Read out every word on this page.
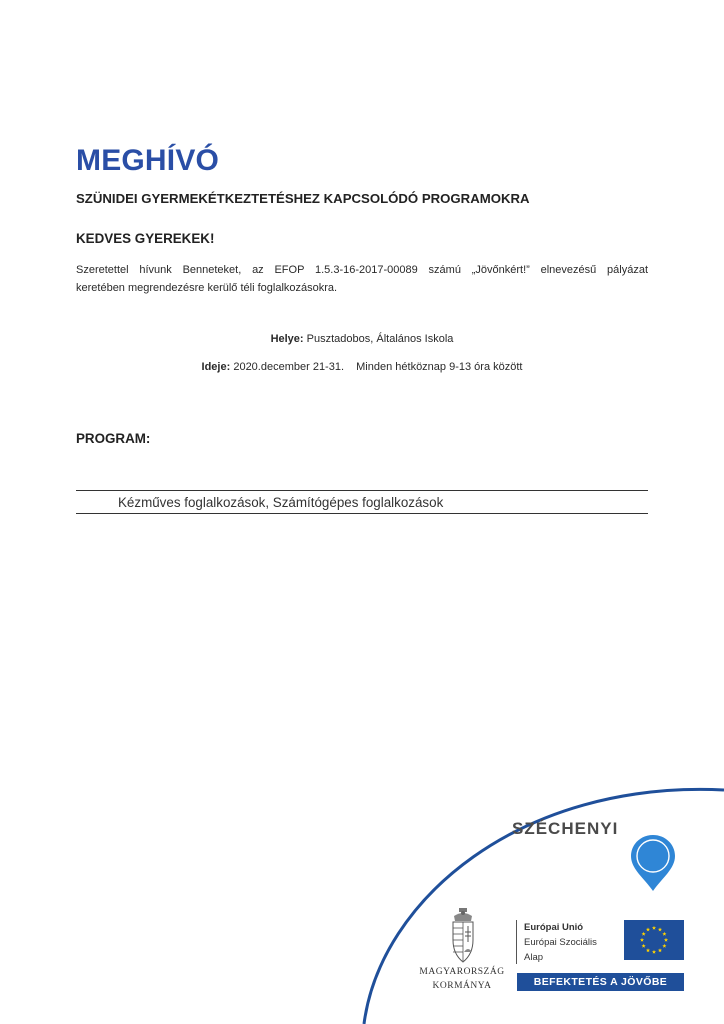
MEGHÍVÓ
SZÜNIDEI GYERMEKÉTKEZTETÉSHEZ KAPCSOLÓDÓ PROGRAMOKRA
KEDVES GYEREKEK!
Szeretettel hívunk Benneteket, az EFOP 1.5.3-16-2017-00089 számú „Jövőnkért!” elnevezésű pályázat
keretében megrendezésre kerülő téli foglalkozásokra.
Helye: Pusztadobos, Általános Iskola
Ideje: 2020.december 21-31. Minden hétköznap 9-13 óra között
PROGRAM:
Kézműves foglalkozások, Számítógépes foglalkozások
SZÉCHENYI	2020
MAGYARORSZÁG
KORMÁNYA
Európai Unió
Európai Szociális
Alap
BEFEKTETÉS A JÖVŐBE
